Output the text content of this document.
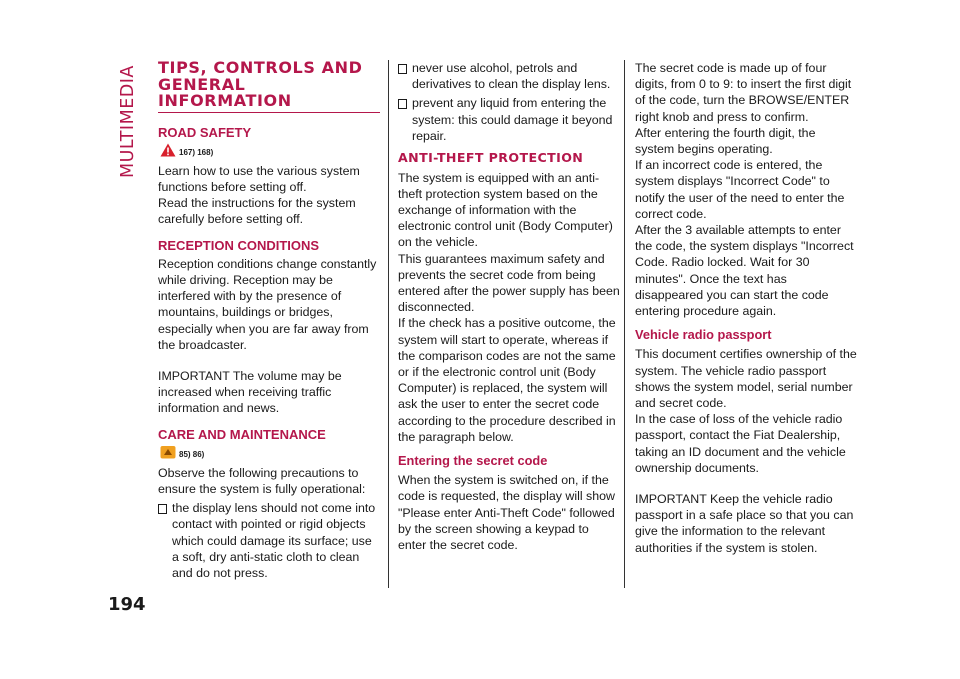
MULTIMEDIA TIPS, CONTROLS AND GENERAL INFORMATION
ROAD SAFETY
167) 168)

Learn how to use the various system functions before setting off.

Read the instructions for the system carefully before setting off.

RECEPTION CONDITIONS

Reception conditions change constantly while driving. Reception may be interfered with by the presence of mountains, buildings or bridges, especially when you are far away from the broadcaster.

IMPORTANT The volume may be increased when receiving traffic information and news.

CARE AND MAINTENANCE
85) 86)

Observe the following precautions to ensure the system is fully operational:

the display lens should not come into contact with pointed or rigid objects which could damage its surface; use a soft, dry anti-static cloth to clean and do not press.
never use alcohol, petrols and derivatives to clean the display lens.
prevent any liquid from entering the system: this could damage it beyond repair.
ANTI-THEFT PROTECTION

The system is equipped with an anti-theft protection system based on the exchange of information with the electronic control unit (Body Computer) on the vehicle.

This guarantees maximum safety and prevents the secret code from being entered after the power supply has been disconnected.

If the check has a positive outcome, the system will start to operate, whereas if the comparison codes are not the same or if the electronic control unit (Body Computer) is replaced, the system will ask the user to enter the secret code according to the procedure described in the paragraph below.

Entering the secret code

When the system is switched on, if the code is requested, the display will show "Please enter Anti-Theft Code" followed by the screen showing a keypad to enter the secret code.

The secret code is made up of four digits, from 0 to 9: to insert the first digit of the code, turn the BROWSE/ENTER right knob and press to confirm.

After entering the fourth digit, the system begins operating.

If an incorrect code is entered, the system displays "Incorrect Code" to notify the user of the need to enter the correct code.

After the 3 available attempts to enter the code, the system displays "Incorrect Code. Radio locked. Wait for 30 minutes". Once the text has disappeared you can start the code entering procedure again.

Vehicle radio passport

This document certifies ownership of the system. The vehicle radio passport shows the system model, serial number and secret code.

In the case of loss of the vehicle radio passport, contact the Fiat Dealership, taking an ID document and the vehicle ownership documents.

IMPORTANT Keep the vehicle radio passport in a safe place so that you can give the information to the relevant authorities if the system is stolen.

194
